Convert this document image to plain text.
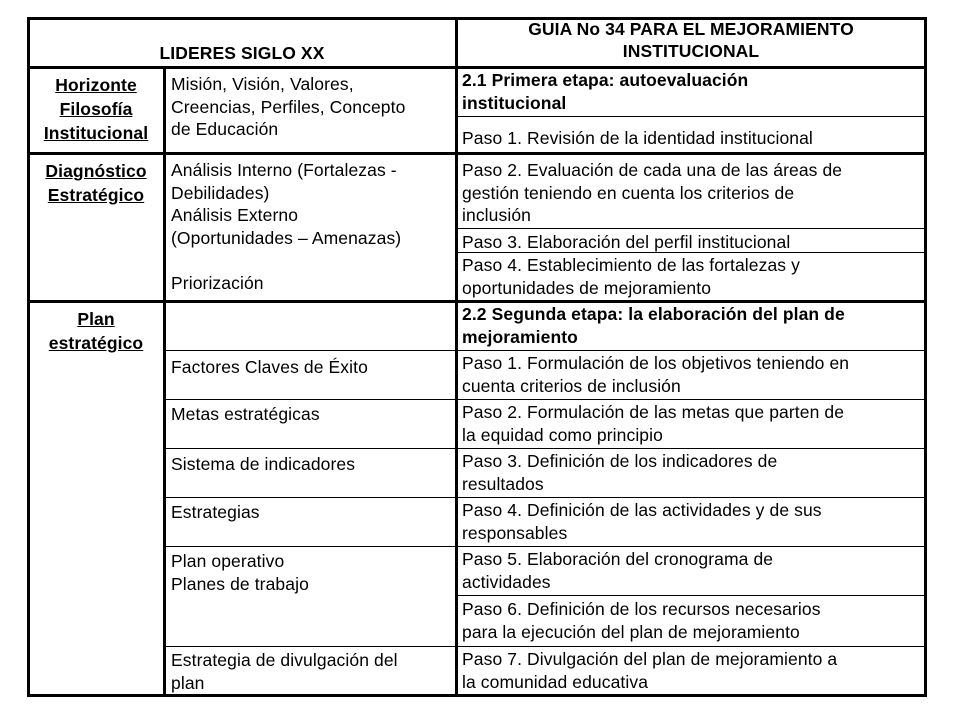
LIDERES SIGLO XX
GUIA No 34 PARA EL MEJORAMIENTO
INSTITUCIONAL
Horizonte
Filosofía
Institucional
Misión, Visión, Valores,
Creencias, Perfiles, Concepto
de Educación
2.1 Primera etapa: autoevaluación
institucional
Paso 1. Revisión de la identidad institucional
Diagnóstico
Estratégico
Análisis Interno (Fortalezas -
Debilidades)
Análisis Externo
(Oportunidades – Amenazas)

Priorización
Paso 2. Evaluación de cada una de las áreas de
gestión teniendo en cuenta los criterios de
inclusión
Paso 3. Elaboración del perfil institucional
Paso 4. Establecimiento de las fortalezas y
oportunidades de mejoramiento
Plan
estratégico
Factores Claves de Éxito
Metas estratégicas
Sistema de indicadores
Estrategias
Plan operativo
Planes de trabajo
Estrategia de divulgación del
plan
2.2 Segunda etapa: la elaboración del plan de
mejoramiento
Paso 1. Formulación de los objetivos teniendo en
cuenta criterios de inclusión
Paso 2. Formulación de las metas que parten de
la equidad como principio
Paso 3. Definición de los indicadores de
resultados
Paso 4. Definición de las actividades y de sus
responsables
Paso 5. Elaboración del cronograma de
actividades
Paso 6. Definición de los recursos necesarios
para la ejecución del plan de mejoramiento
Paso 7. Divulgación del plan de mejoramiento a
la comunidad educativa
